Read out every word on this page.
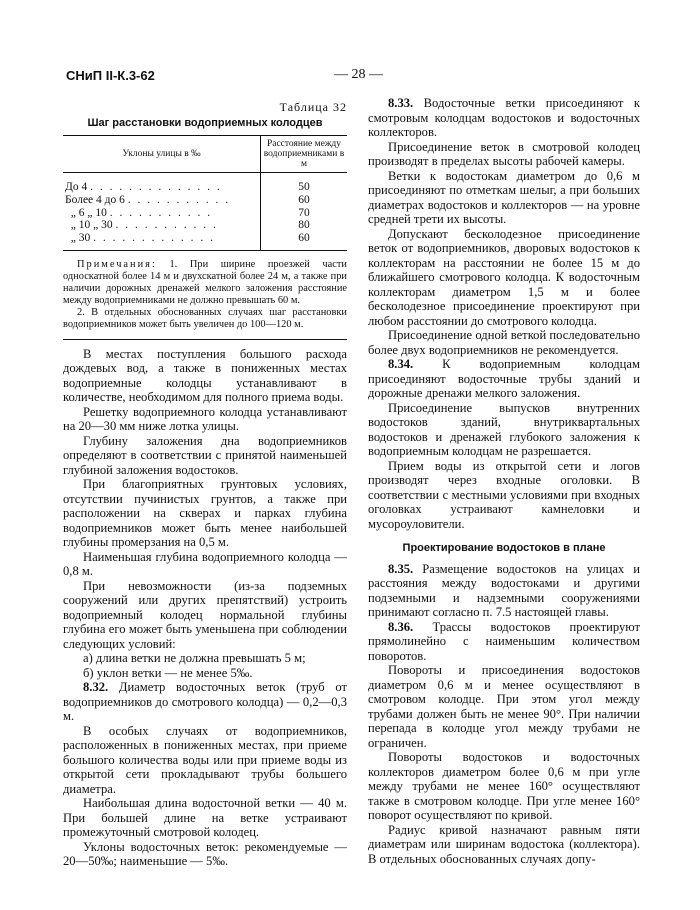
СНиП II-К.3-62	— 28 —
Таблица 32
Шаг расстановки водоприемных колодцев
Уклоны улицы в ‰	Расстояние между водоприемниками в м
До 4 . . . . . . . . . . . . . .	50
Более 4 до 6 . . . . . . . . . . .	60
„ 6 „ 10 . . . . . . . . . . .	70
„ 10 „ 30 . . . . . . . . . . .	80
„ 30 . . . . . . . . . . . . .	60

Примечания: 1. При ширине проезжей части односкатной более 14 м и двухскатной более 24 м, а также при наличии дорожных дренажей мелкого заложения расстояние между водоприемниками не должно превышать 60 м.

2. В отдельных обоснованных случаях шаг расстановки водоприемников может быть увеличен до 100—120 м.

В местах поступления большого расхода дождевых вод, а также в пониженных местах водоприемные колодцы устанавливают в количестве, необходимом для полного приема воды.

Решетку водоприемного колодца устанавливают на 20—30 мм ниже лотка улицы.

Глубину заложения дна водоприемников определяют в соответствии с принятой наименьшей глубиной заложения водостоков.

При благоприятных грунтовых условиях, отсутствии пучинистых грунтов, а также при расположении на скверах и парках глубина водоприемников может быть менее наибольшей глубины промерзания на 0,5 м.

Наименьшая глубина водоприемного колодца — 0,8 м.

При невозможности (из-за подземных сооружений или других препятствий) устроить водоприемный колодец нормальной глубины глубина его может быть уменьшена при соблюдении следующих условий:

а) длина ветки не должна превышать 5 м;

б) уклон ветки — не менее 5‰.

8.32. Диаметр водосточных веток (труб от водоприемников до смотрового колодца) — 0,2—0,3 м.

В особых случаях от водоприемников, расположенных в пониженных местах, при приеме большого количества воды или при приеме воды из открытой сети прокладывают трубы большего диаметра.

Наибольшая длина водосточной ветки — 40 м. При большей длине на ветке устраивают промежуточный смотровой колодец.

Уклоны водосточных веток: рекомендуемые — 20—50‰; наименьшие — 5‰.

8.33. Водосточные ветки присоединяют к смотровым колодцам водостоков и водосточных коллекторов.

Присоединение веток в смотровой колодец производят в пределах высоты рабочей камеры.

Ветки к водостокам диаметром до 0,6 м присоединяют по отметкам шелыг, а при больших диаметрах водостоков и коллекторов — на уровне средней трети их высоты.

Допускают бесколодезное присоединение веток от водоприемников, дворовых водостоков к коллекторам на расстоянии не более 15 м до ближайшего смотрового колодца. К водосточным коллекторам диаметром 1,5 м и более бесколодезное присоединение проектируют при любом расстоянии до смотрового колодца.

Присоединение одной веткой последовательно более двух водоприемников не рекомендуется.

8.34. К водоприемным колодцам присоединяют водосточные трубы зданий и дорожные дренажи мелкого заложения.

Присоединение выпусков внутренних водостоков зданий, внутриквартальных водостоков и дренажей глубокого заложения к водоприемным колодцам не разрешается.

Прием воды из открытой сети и логов производят через входные оголовки. В соответствии с местными условиями при входных оголовках устраивают камнеловки и мусороуловители.

Проектирование водостоков в плане

8.35. Размещение водостоков на улицах и расстояния между водостоками и другими подземными и надземными сооружениями принимают согласно п. 7.5 настоящей главы.

8.36. Трассы водостоков проектируют прямолинейно с наименьшим количеством поворотов.

Повороты и присоединения водостоков диаметром 0,6 м и менее осуществляют в смотровом колодце. При этом угол между трубами должен быть не менее 90°. При наличии перепада в колодце угол между трубами не ограничен.

Повороты водостоков и водосточных коллекторов диаметром более 0,6 м при угле между трубами не менее 160° осуществляют также в смотровом колодце. При угле менее 160° поворот осуществляют по кривой.

Радиус кривой назначают равным пяти диаметрам или ширинам водостока (коллектора). В отдельных обоснованных случаях допу-
